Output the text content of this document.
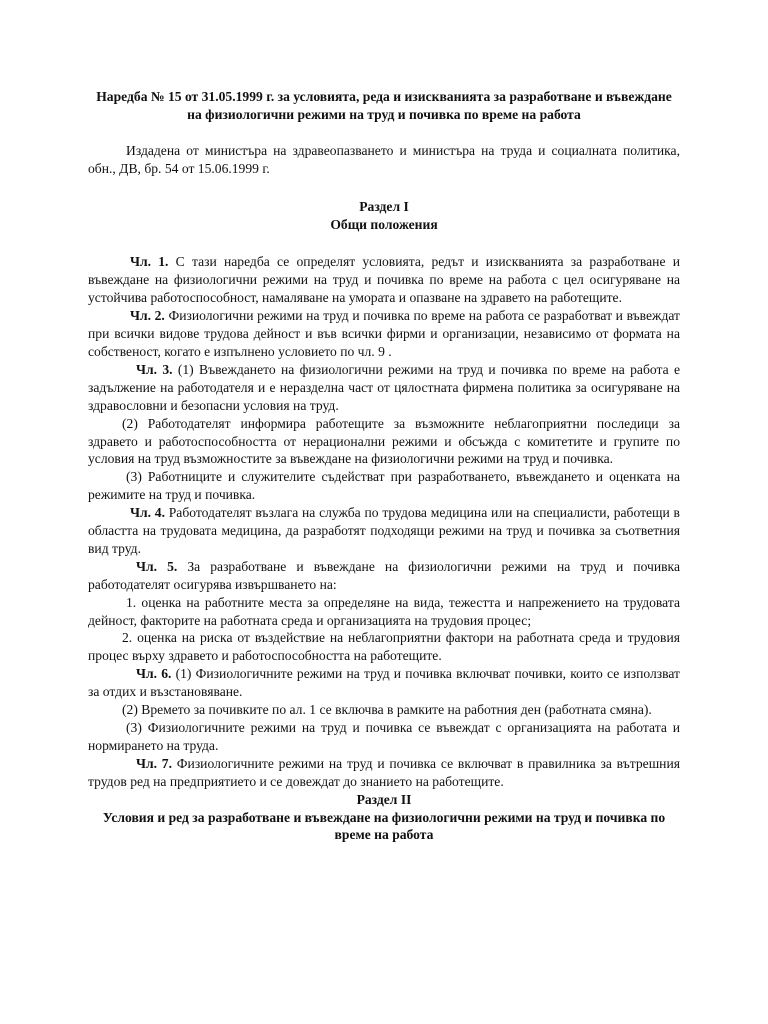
Наредба № 15 от 31.05.1999 г. за условията, реда и изискванията за разработване и въвеждане на физиологични режими на труд и почивка по време на работа

Издадена от министъра на здравеопазването и министъра на труда и социалната политика, обн., ДВ, бр. 54 от 15.06.1999 г.

Раздел I

Общи положения

Чл. 1. С тази наредба се определят условията, редът и изискванията за разработване и въвеждане на физиологични режими на труд и почивка по време на работа с цел осигуряване на устойчива работоспособност, намаляване на умората и опазване на здравето на работещите.

Чл. 2. Физиологични режими на труд и почивка по време на работа се разработват и въвеждат при всички видове трудова дейност и във всички фирми и организации, независимо от формата на собственост, когато е изпълнено условието по чл. 9 .

Чл. 3. (1) Въвеждането на физиологични режими на труд и почивка по време на работа е задължение на работодателя и е неразделна част от цялостната фирмена политика за осигуряване на здравословни и безопасни условия на труд.

(2) Работодателят информира работещите за възможните неблагоприятни последици за здравето и работоспособността от нерационални режими и обсъжда с комитетите и групите по условия на труд възможностите за въвеждане на физиологични режими на труд и почивка.

(3) Работниците и служителите съдействат при разработването, въвеждането и оценката на режимите на труд и почивка.

Чл. 4. Работодателят възлага на служба по трудова медицина или на специалисти, работещи в областта на трудовата медицина, да разработят подходящи режими на труд и почивка за съответния вид труд.

Чл. 5. За разработване и въвеждане на физиологични режими на труд и почивка работодателят осигурява извършването на:

1. оценка на работните места за определяне на вида, тежестта и напрежението на трудовата дейност, факторите на работната среда и организацията на трудовия процес;

2. оценка на риска от въздействие на неблагоприятни фактори на работната среда и трудовия процес върху здравето и работоспособността на работещите.

Чл. 6. (1) Физиологичните режими на труд и почивка включват почивки, които се използват за отдих и възстановяване.

(2) Времето за почивките по ал. 1 се включва в рамките на работния ден (работната смяна).

(3) Физиологичните режими на труд и почивка се въвеждат с организацията на работата и нормирането на труда.

Чл. 7. Физиологичните режими на труд и почивка се включват в правилника за вътрешния трудов ред на предприятието и се довеждат до знанието на работещите.

Раздел II

Условия и ред за разработване и въвеждане на физиологични режими на труд и почивка по време на работа
